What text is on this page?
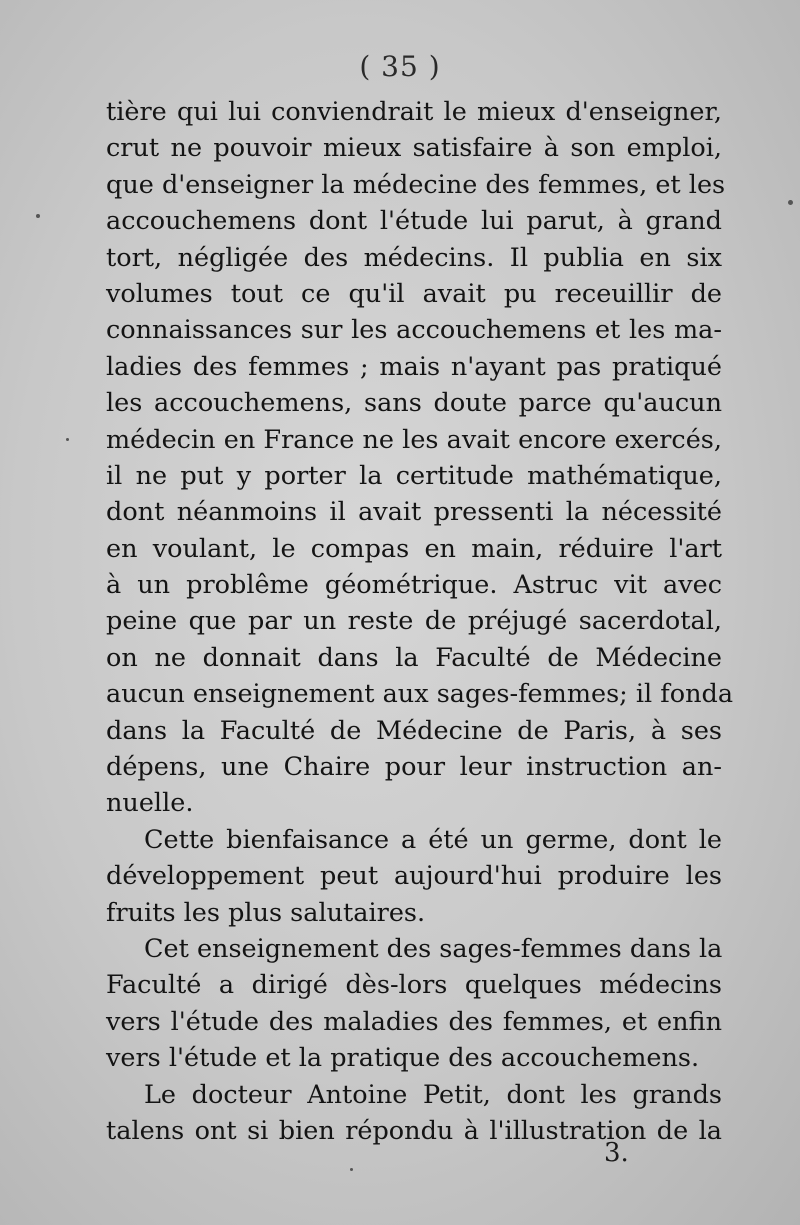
( 35 )
tière qui lui conviendrait le mieux d'enseigner,
crut ne pouvoir mieux satisfaire à son emploi,
que d'enseigner la médecine des femmes, et les
accouchemens dont l'étude lui parut, à grand
tort, négligée des médecins. Il publia en six
volumes tout ce qu'il avait pu receuillir de
connaissances sur les accouchemens et les ma-
ladies des femmes ; mais n'ayant pas pratiqué
les accouchemens, sans doute parce qu'aucun
médecin en France ne les avait encore exercés,
il ne put y porter la certitude mathématique,
dont néanmoins il avait pressenti la nécessité
en voulant, le compas en main, réduire l'art
à un problême géométrique. Astruc vit avec
peine que par un reste de préjugé sacerdotal,
on ne donnait dans la Faculté de Médecine
aucun enseignement aux sages-femmes; il fonda
dans la Faculté de Médecine de Paris, à ses
dépens, une Chaire pour leur instruction an-
nuelle.
Cette bienfaisance a été un germe, dont le
développement peut aujourd'hui produire les
fruits les plus salutaires.
Cet enseignement des sages-femmes dans la
Faculté a dirigé dès-lors quelques médecins
vers l'étude des maladies des femmes, et enfin
vers l'étude et la pratique des accouchemens.
Le docteur Antoine Petit, dont les grands
talens ont si bien répondu à l'illustration de la
3.
